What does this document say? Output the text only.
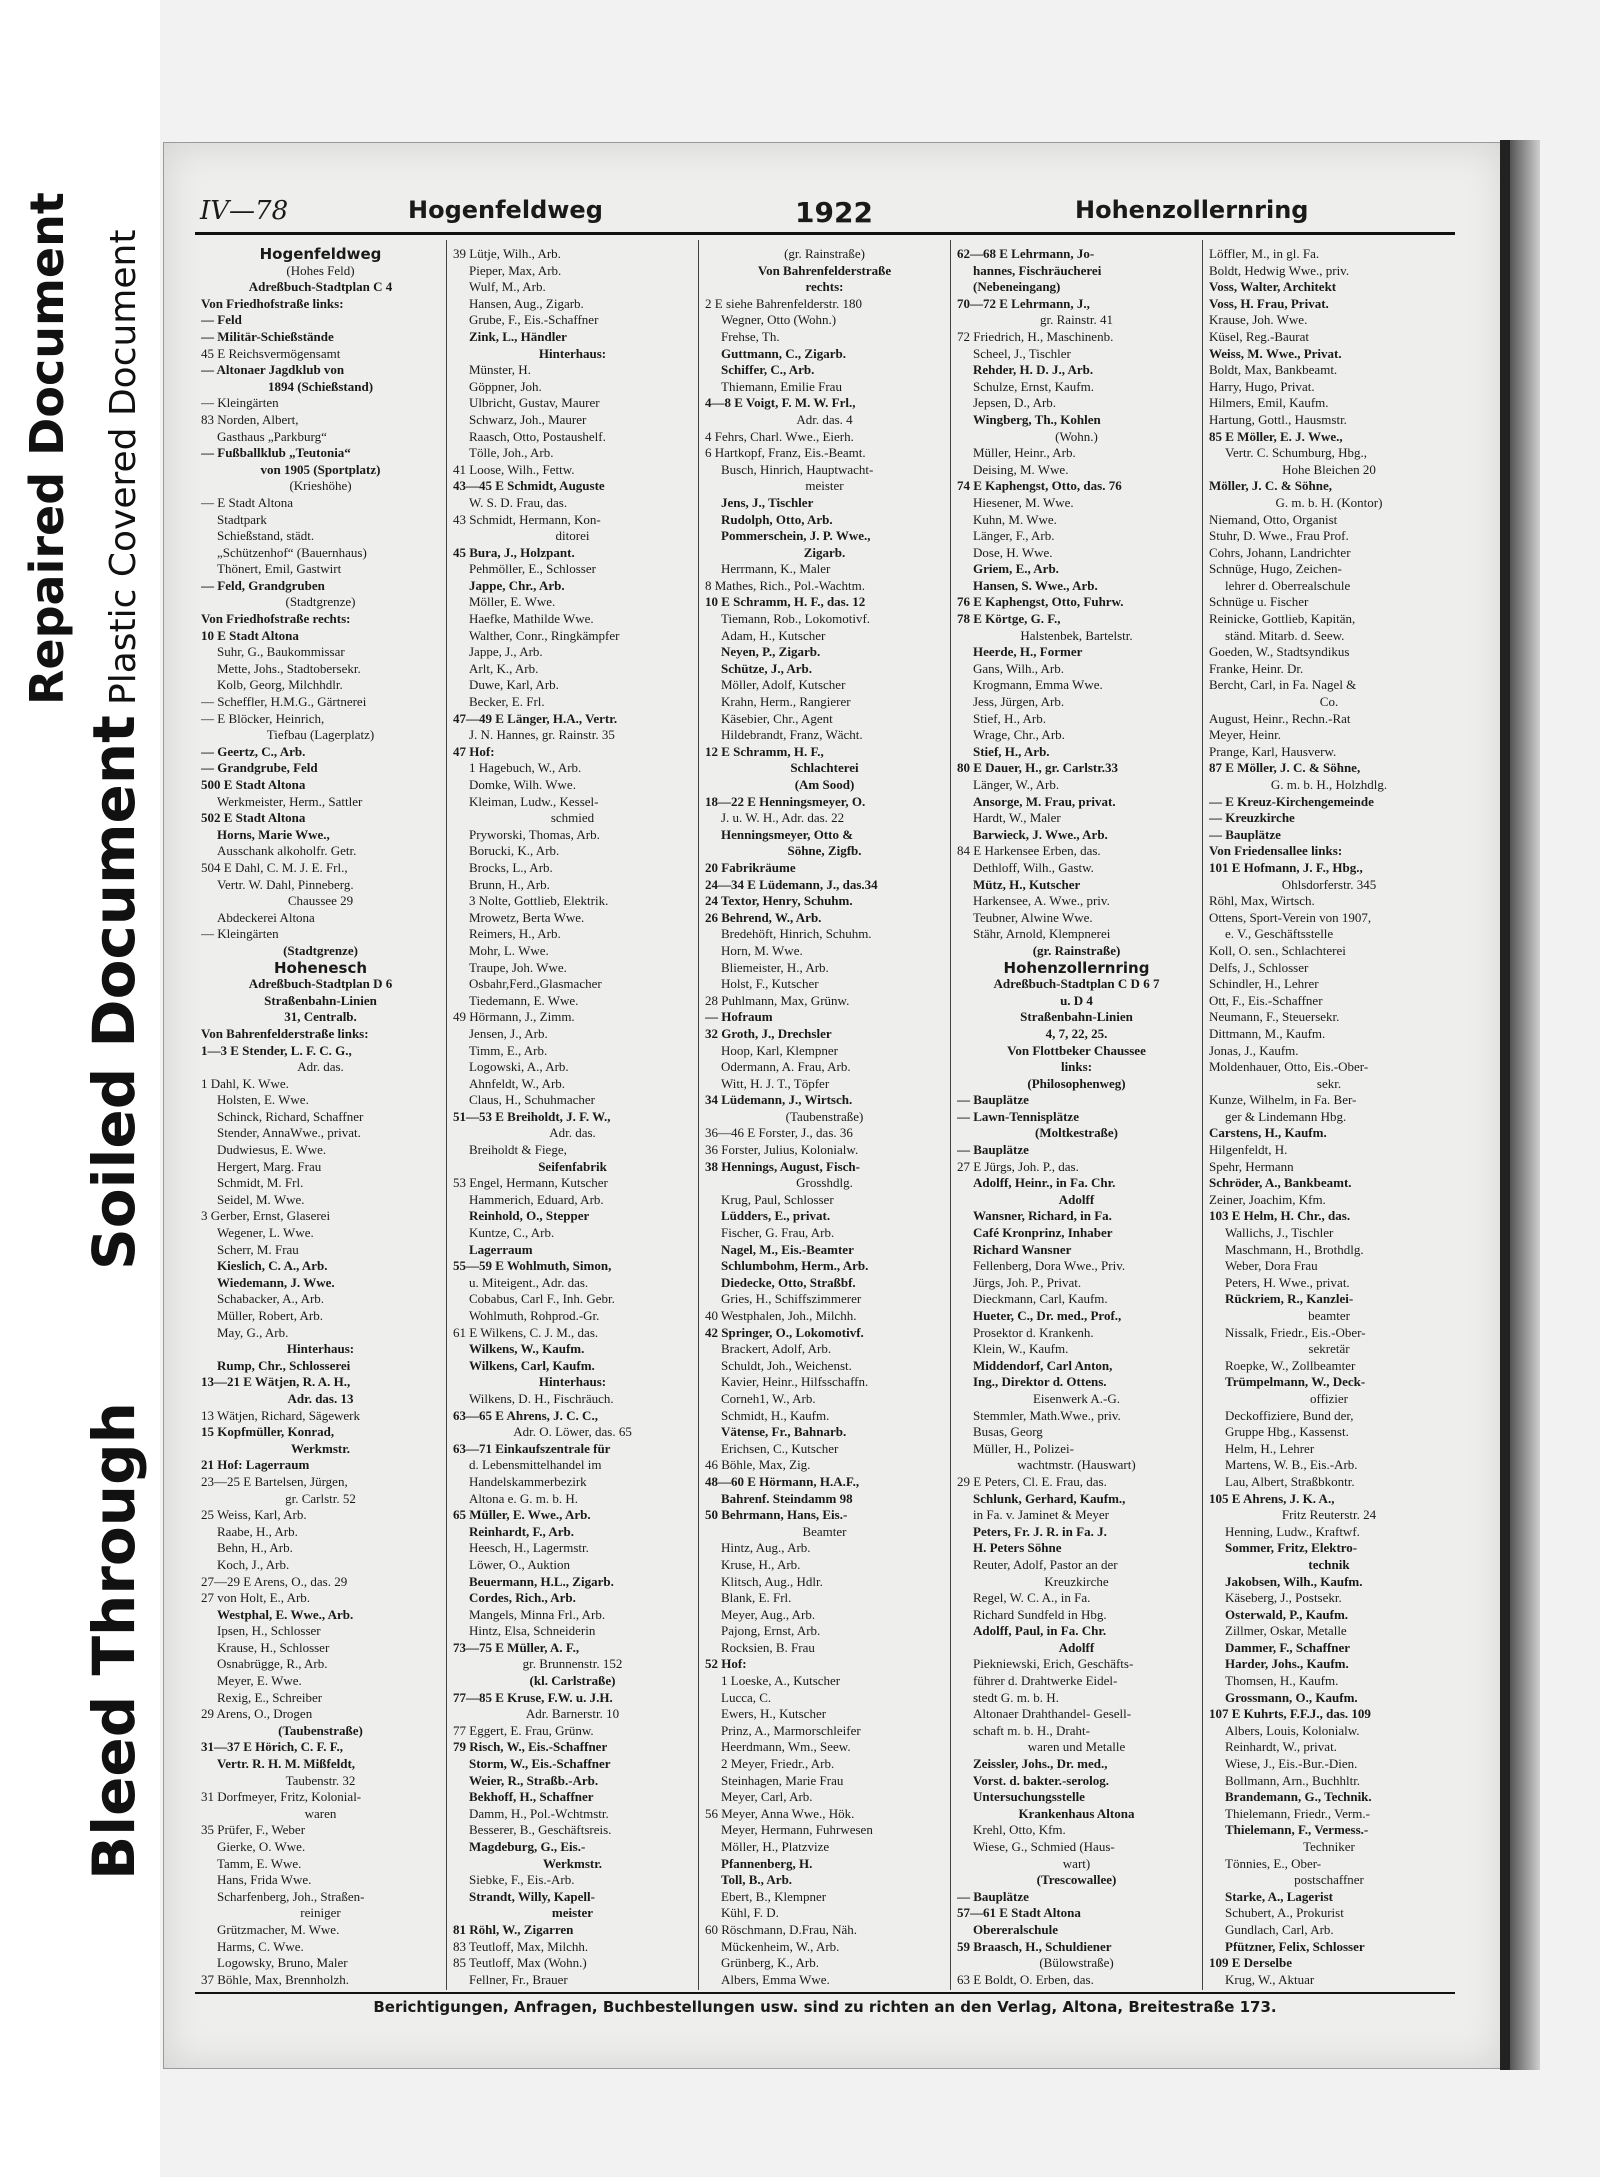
Repaired Document Plastic Covered Document
Soiled Document
Bleed Through
IV—78	Hogenfeldweg	1922	Hohenzollernring
Hogenfeldweg
(Hohes Feld)
Adreßbuch-Stadtplan C 4
Von Friedhofstraße links:
— Feld
— Militär-Schießstände
45 E Reichsvermögensamt
— Altonaer Jagdklub von
1894 (Schießstand)
— Kleingärten
83 Norden, Albert,
Gasthaus „Parkburg“
— Fußballklub „Teutonia“
von 1905 (Sportplatz)
(Krieshöhe)
— E Stadt Altona
Stadtpark
Schießstand, städt.
„Schützenhof“ (Bauernhaus)
Thönert, Emil, Gastwirt
— Feld, Grandgruben
(Stadtgrenze)
Von Friedhofstraße rechts:
10 E Stadt Altona
Suhr, G., Baukommissar
Mette, Johs., Stadtobersekr.
Kolb, Georg, Milchhdlr.
— Scheffler, H.M.G., Gärtnerei
— E Blöcker, Heinrich,
Tiefbau (Lagerplatz)
— Geertz, C., Arb.
— Grandgrube, Feld
500 E Stadt Altona
Werkmeister, Herm., Sattler
502 E Stadt Altona
Horns, Marie Wwe.,
Ausschank alkoholfr. Getr.
504 E Dahl, C. M. J. E. Frl.,
Vertr. W. Dahl, Pinneberg.
Chaussee 29
Abdeckerei Altona
— Kleingärten
(Stadtgrenze)
Hohenesch
Adreßbuch-Stadtplan D 6
Straßenbahn-Linien
31, Centralb.
Von Bahrenfelderstraße links:
1—3 E Stender, L. F. C. G.,
Adr. das.
1 Dahl, K. Wwe.
Holsten, E. Wwe.
Schinck, Richard, Schaffner
Stender, AnnaWwe., privat.
Dudwiesus, E. Wwe.
Hergert, Marg. Frau
Schmidt, M. Frl.
Seidel, M. Wwe.
3 Gerber, Ernst, Glaserei
Wegener, L. Wwe.
Scherr, M. Frau
Kieslich, C. A., Arb.
Wiedemann, J. Wwe.
Schabacker, A., Arb.
Müller, Robert, Arb.
May, G., Arb.
Hinterhaus:
Rump, Chr., Schlosserei
13—21 E Wätjen, R. A. H.,
Adr. das. 13
13 Wätjen, Richard, Sägewerk
15 Kopfmüller, Konrad,
Werkmstr.
21 Hof: Lagerraum
23—25 E Bartelsen, Jürgen,
gr. Carlstr. 52
25 Weiss, Karl, Arb.
Raabe, H., Arb.
Behn, H., Arb.
Koch, J., Arb.
27—29 E Arens, O., das. 29
27 von Holt, E., Arb.
Westphal, E. Wwe., Arb.
Ipsen, H., Schlosser
Krause, H., Schlosser
Osnabrügge, R., Arb.
Meyer, E. Wwe.
Rexig, E., Schreiber
29 Arens, O., Drogen
(Taubenstraße)
31—37 E Hörich, C. F. F.,
Vertr. R. H. M. Mißfeldt,
Taubenstr. 32
31 Dorfmeyer, Fritz, Kolonial-
waren
35 Prüfer, F., Weber
Gierke, O. Wwe.
Tamm, E. Wwe.
Hans, Frida Wwe.
Scharfenberg, Joh., Straßen-
reiniger
Grützmacher, M. Wwe.
Harms, C. Wwe.
Logowsky, Bruno, Maler
37 Böhle, Max, Brennholzh.
39 Lütje, Wilh., Arb.
Pieper, Max, Arb.
Wulf, M., Arb.
Hansen, Aug., Zigarb.
Grube, F., Eis.-Schaffner
Zink, L., Händler
Hinterhaus:
Münster, H.
Göppner, Joh.
Ulbricht, Gustav, Maurer
Schwarz, Joh., Maurer
Raasch, Otto, Postaushelf.
Tölle, Joh., Arb.
41 Loose, Wilh., Fettw.
43—45 E Schmidt, Auguste
W. S. D. Frau, das.
43 Schmidt, Hermann, Kon-
ditorei
45 Bura, J., Holzpant.
Pehmöller, E., Schlosser
Jappe, Chr., Arb.
Möller, E. Wwe.
Haefke, Mathilde Wwe.
Walther, Conr., Ringkämpfer
Jappe, J., Arb.
Arlt, K., Arb.
Duwe, Karl, Arb.
Becker, E. Frl.
47—49 E Länger, H.A., Vertr.
J. N. Hannes, gr. Rainstr. 35
47 Hof:
1 Hagebuch, W., Arb.
Domke, Wilh. Wwe.
Kleiman, Ludw., Kessel-
schmied
Pryworski, Thomas, Arb.
Borucki, K., Arb.
Brocks, L., Arb.
Brunn, H., Arb.
3 Nolte, Gottlieb, Elektrik.
Mrowetz, Berta Wwe.
Reimers, H., Arb.
Mohr, L. Wwe.
Traupe, Joh. Wwe.
Osbahr,Ferd.,Glasmacher
Tiedemann, E. Wwe.
49 Hörmann, J., Zimm.
Jensen, J., Arb.
Timm, E., Arb.
Logowski, A., Arb.
Ahnfeldt, W., Arb.
Claus, H., Schuhmacher
51—53 E Breiholdt, J. F. W.,
Adr. das.
Breiholdt & Fiege,
Seifenfabrik
53 Engel, Hermann, Kutscher
Hammerich, Eduard, Arb.
Reinhold, O., Stepper
Kuntze, C., Arb.
Lagerraum
55—59 E Wohlmuth, Simon,
u. Miteigent., Adr. das.
Cobabus, Carl F., Inh. Gebr.
Wohlmuth, Rohprod.-Gr.
61 E Wilkens, C. J. M., das.
Wilkens, W., Kaufm.
Wilkens, Carl, Kaufm.
Hinterhaus:
Wilkens, D. H., Fischräuch.
63—65 E Ahrens, J. C. C.,
Adr. O. Löwer, das. 65
63—71 Einkaufszentrale für
d. Lebensmittelhandel im
Handelskammerbezirk
Altona e. G. m. b. H.
65 Müller, E. Wwe., Arb.
Reinhardt, F., Arb.
Heesch, H., Lagermstr.
Löwer, O., Auktion
Beuermann, H.L., Zigarb.
Cordes, Rich., Arb.
Mangels, Minna Frl., Arb.
Hintz, Elsa, Schneiderin
73—75 E Müller, A. F.,
gr. Brunnenstr. 152
(kl. Carlstraße)
77—85 E Kruse, F.W. u. J.H.
Adr. Barnerstr. 10
77 Eggert, E. Frau, Grünw.
79 Risch, W., Eis.-Schaffner
Storm, W., Eis.-Schaffner
Weier, R., Straßb.-Arb.
Bekhoff, H., Schaffner
Damm, H., Pol.-Wchtmstr.
Besserer, B., Geschäftsreis.
Magdeburg, G., Eis.-
Werkmstr.
Siebke, F., Eis.-Arb.
Strandt, Willy, Kapell-
meister
81 Röhl, W., Zigarren
83 Teutloff, Max, Milchh.
85 Teutloff, Max (Wohn.)
Fellner, Fr., Brauer
(gr. Rainstraße)
Von Bahrenfelderstraße
rechts:
2 E siehe Bahrenfelderstr. 180
Wegner, Otto (Wohn.)
Frehse, Th.
Guttmann, C., Zigarb.
Schiffer, C., Arb.
Thiemann, Emilie Frau
4—8 E Voigt, F. M. W. Frl.,
Adr. das. 4
4 Fehrs, Charl. Wwe., Eierh.
6 Hartkopf, Franz, Eis.-Beamt.
Busch, Hinrich, Hauptwacht-
meister
Jens, J., Tischler
Rudolph, Otto, Arb.
Pommerschein, J. P. Wwe.,
Zigarb.
Herrmann, K., Maler
8 Mathes, Rich., Pol.-Wachtm.
10 E Schramm, H. F., das. 12
Tiemann, Rob., Lokomotivf.
Adam, H., Kutscher
Neyen, P., Zigarb.
Schütze, J., Arb.
Möller, Adolf, Kutscher
Krahn, Herm., Rangierer
Käsebier, Chr., Agent
Hildebrandt, Franz, Wächt.
12 E Schramm, H. F.,
Schlachterei
(Am Sood)
18—22 E Henningsmeyer, O.
J. u. W. H., Adr. das. 22
Henningsmeyer, Otto &
Söhne, Zigfb.
20 Fabrikräume
24—34 E Lüdemann, J., das.34
24 Textor, Henry, Schuhm.
26 Behrend, W., Arb.
Bredehöft, Hinrich, Schuhm.
Horn, M. Wwe.
Bliemeister, H., Arb.
Holst, F., Kutscher
28 Puhlmann, Max, Grünw.
— Hofraum
32 Groth, J., Drechsler
Hoop, Karl, Klempner
Odermann, A. Frau, Arb.
Witt, H. J. T., Töpfer
34 Lüdemann, J., Wirtsch.
(Taubenstraße)
36—46 E Forster, J., das. 36
36 Forster, Julius, Kolonialw.
38 Hennings, August, Fisch-
Grosshdlg.
Krug, Paul, Schlosser
Lüdders, E., privat.
Fischer, G. Frau, Arb.
Nagel, M., Eis.-Beamter
Schlumbohm, Herm., Arb.
Diedecke, Otto, Straßbf.
Gries, H., Schiffszimmerer
40 Westphalen, Joh., Milchh.
42 Springer, O., Lokomotivf.
Brackert, Adolf, Arb.
Schuldt, Joh., Weichenst.
Kavier, Heinr., Hilfsschaffn.
Corneh1, W., Arb.
Schmidt, H., Kaufm.
Vätense, Fr., Bahnarb.
Erichsen, C., Kutscher
46 Böhle, Max, Zig.
48—60 E Hörmann, H.A.F.,
Bahrenf. Steindamm 98
50 Behrmann, Hans, Eis.-
Beamter
Hintz, Aug., Arb.
Kruse, H., Arb.
Klitsch, Aug., Hdlr.
Blank, E. Frl.
Meyer, Aug., Arb.
Pajong, Ernst, Arb.
Rocksien, B. Frau
52 Hof:
1 Loeske, A., Kutscher
Lucca, C.
Ewers, H., Kutscher
Prinz, A., Marmorschleifer
Heerdmann, Wm., Seew.
2 Meyer, Friedr., Arb.
Steinhagen, Marie Frau
Meyer, Carl, Arb.
56 Meyer, Anna Wwe., Hök.
Meyer, Hermann, Fuhrwesen
Möller, H., Platzvize
Pfannenberg, H.
Toll, B., Arb.
Ebert, B., Klempner
Kühl, F. D.
60 Röschmann, D.Frau, Näh.
Mückenheim, W., Arb.
Grünberg, K., Arb.
Albers, Emma Wwe.
62—68 E Lehrmann, Jo-
hannes, Fischräucherei
(Nebeneingang)
70—72 E Lehrmann, J.,
gr. Rainstr. 41
72 Friedrich, H., Maschinenb.
Scheel, J., Tischler
Rehder, H. D. J., Arb.
Schulze, Ernst, Kaufm.
Jepsen, D., Arb.
Wingberg, Th., Kohlen
(Wohn.)
Müller, Heinr., Arb.
Deising, M. Wwe.
74 E Kaphengst, Otto, das. 76
Hiesener, M. Wwe.
Kuhn, M. Wwe.
Länger, F., Arb.
Dose, H. Wwe.
Griem, E., Arb.
Hansen, S. Wwe., Arb.
76 E Kaphengst, Otto, Fuhrw.
78 E Körtge, G. F.,
Halstenbek, Bartelstr.
Heerde, H., Former
Gans, Wilh., Arb.
Krogmann, Emma Wwe.
Jess, Jürgen, Arb.
Stief, H., Arb.
Wrage, Chr., Arb.
Stief, H., Arb.
80 E Dauer, H., gr. Carlstr.33
Länger, W., Arb.
Ansorge, M. Frau, privat.
Hardt, W., Maler
Barwieck, J. Wwe., Arb.
84 E Harkensee Erben, das.
Dethloff, Wilh., Gastw.
Mütz, H., Kutscher
Harkensee, A. Wwe., priv.
Teubner, Alwine Wwe.
Stähr, Arnold, Klempnerei
(gr. Rainstraße)
Hohenzollernring
Adreßbuch-Stadtplan C D 6 7
u. D 4
Straßenbahn-Linien
4, 7, 22, 25.
Von Flottbeker Chaussee
links:
(Philosophenweg)
— Bauplätze
— Lawn-Tennisplätze
(Moltkestraße)
— Bauplätze
27 E Jürgs, Joh. P., das.
Adolff, Heinr., in Fa. Chr.
Adolff
Wansner, Richard, in Fa.
Café Kronprinz, Inhaber
Richard Wansner
Fellenberg, Dora Wwe., Priv.
Jürgs, Joh. P., Privat.
Dieckmann, Carl, Kaufm.
Hueter, C., Dr. med., Prof.,
Prosektor d. Krankenh.
Klein, W., Kaufm.
Middendorf, Carl Anton,
Ing., Direktor d. Ottens.
Eisenwerk A.-G.
Stemmler, Math.Wwe., priv.
Busas, Georg
Müller, H., Polizei-
wachtmstr. (Hauswart)
29 E Peters, Cl. E. Frau, das.
Schlunk, Gerhard, Kaufm.,
in Fa. v. Jaminet & Meyer
Peters, Fr. J. R. in Fa. J.
H. Peters Söhne
Reuter, Adolf, Pastor an der
Kreuzkirche
Regel, W. C. A., in Fa.
Richard Sundfeld in Hbg.
Adolff, Paul, in Fa. Chr.
Adolff
Piekniewski, Erich, Geschäfts-
führer d. Drahtwerke Eidel-
stedt G. m. b. H.
Altonaer Drahthandel- Gesell-
schaft m. b. H., Draht-
waren und Metalle
Zeissler, Johs., Dr. med.,
Vorst. d. bakter.-serolog.
Untersuchungsstelle
Krankenhaus Altona
Krehl, Otto, Kfm.
Wiese, G., Schmied (Haus-
wart)
(Trescowallee)
— Bauplätze
57—61 E Stadt Altona
Obereralschule
59 Braasch, H., Schuldiener
(Bülowstraße)
63 E Boldt, O. Erben, das.
Löffler, M., in gl. Fa.
Boldt, Hedwig Wwe., priv.
Voss, Walter, Architekt
Voss, H. Frau, Privat.
Krause, Joh. Wwe.
Küsel, Reg.-Baurat
Weiss, M. Wwe., Privat.
Boldt, Max, Bankbeamt.
Harry, Hugo, Privat.
Hilmers, Emil, Kaufm.
Hartung, Gottl., Hausmstr.
85 E Möller, E. J. Wwe.,
Vertr. C. Schumburg, Hbg.,
Hohe Bleichen 20
Möller, J. C. & Söhne,
G. m. b. H. (Kontor)
Niemand, Otto, Organist
Stuhr, D. Wwe., Frau Prof.
Cohrs, Johann, Landrichter
Schnüge, Hugo, Zeichen-
lehrer d. Oberrealschule
Schnüge u. Fischer
Reinicke, Gottlieb, Kapitän,
ständ. Mitarb. d. Seew.
Goeden, W., Stadtsyndikus
Franke, Heinr. Dr.
Bercht, Carl, in Fa. Nagel &
Co.
August, Heinr., Rechn.-Rat
Meyer, Heinr.
Prange, Karl, Hausverw.
87 E Möller, J. C. & Söhne,
G. m. b. H., Holzhdlg.
— E Kreuz-Kirchengemeinde
— Kreuzkirche
— Bauplätze
Von Friedensallee links:
101 E Hofmann, J. F., Hbg.,
Ohlsdorferstr. 345
Röhl, Max, Wirtsch.
Ottens, Sport-Verein von 1907,
e. V., Geschäftsstelle
Koll, O. sen., Schlachterei
Delfs, J., Schlosser
Schindler, H., Lehrer
Ott, F., Eis.-Schaffner
Neumann, F., Steuersekr.
Dittmann, M., Kaufm.
Jonas, J., Kaufm.
Moldenhauer, Otto, Eis.-Ober-
sekr.
Kunze, Wilhelm, in Fa. Ber-
ger & Lindemann Hbg.
Carstens, H., Kaufm.
Hilgenfeldt, H.
Spehr, Hermann
Schröder, A., Bankbeamt.
Zeiner, Joachim, Kfm.
103 E Helm, H. Chr., das.
Wallichs, J., Tischler
Maschmann, H., Brothdlg.
Weber, Dora Frau
Peters, H. Wwe., privat.
Rückriem, R., Kanzlei-
beamter
Nissalk, Friedr., Eis.-Ober-
sekretär
Roepke, W., Zollbeamter
Trümpelmann, W., Deck-
offizier
Deckoffiziere, Bund der,
Gruppe Hbg., Kassenst.
Helm, H., Lehrer
Martens, W. B., Eis.-Arb.
Lau, Albert, Straßbkontr.
105 E Ahrens, J. K. A.,
Fritz Reuterstr. 24
Henning, Ludw., Kraftwf.
Sommer, Fritz, Elektro-
technik
Jakobsen, Wilh., Kaufm.
Käseberg, J., Postsekr.
Osterwald, P., Kaufm.
Zillmer, Oskar, Metalle
Dammer, F., Schaffner
Harder, Johs., Kaufm.
Thomsen, H., Kaufm.
Grossmann, O., Kaufm.
107 E Kuhrts, F.F.J., das. 109
Albers, Louis, Kolonialw.
Reinhardt, W., privat.
Wiese, J., Eis.-Bur.-Dien.
Bollmann, Arn., Buchhltr.
Brandemann, G., Technik.
Thielemann, Friedr., Verm.-
Thielemann, F., Vermess.-
Techniker
Tönnies, E., Ober-
postschaffner
Starke, A., Lagerist
Schubert, A., Prokurist
Gundlach, Carl, Arb.
Pfützner, Felix, Schlosser
109 E Derselbe
Krug, W., Aktuar
Berichtigungen, Anfragen, Buchbestellungen usw. sind zu richten an den Verlag, Altona, Breitestraße 173.
